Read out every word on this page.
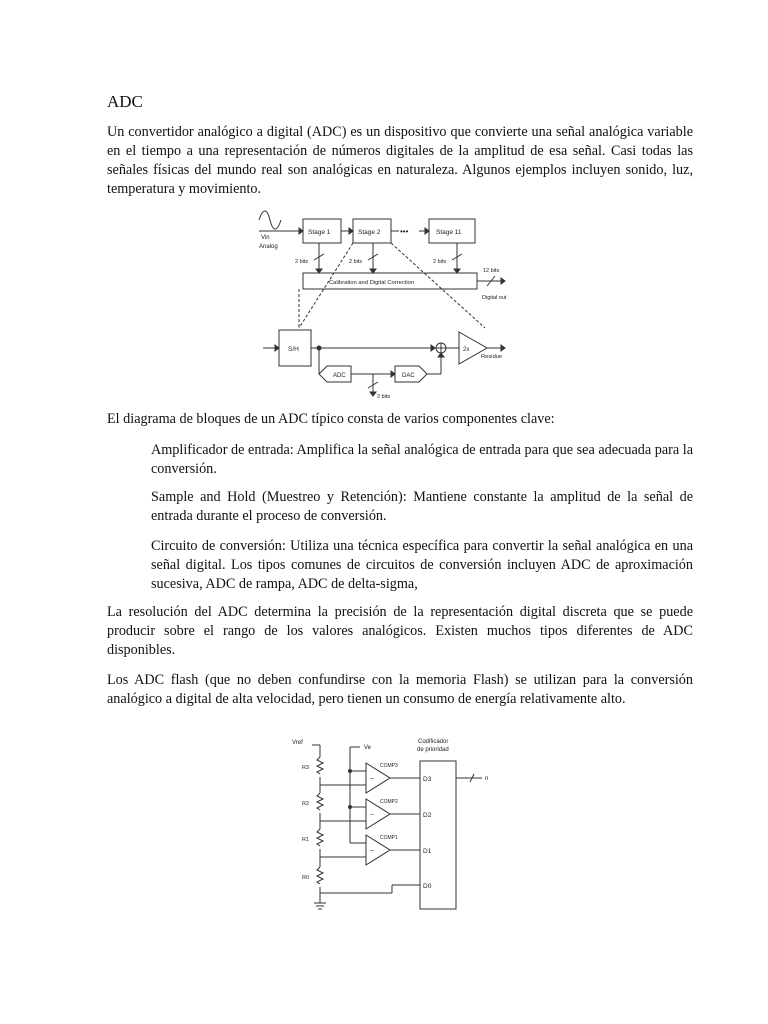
ADC

Un convertidor analógico a digital (ADC) es un dispositivo que convierte una señal analógica variable en el tiempo a una representación de números digitales de la amplitud de esa señal. Casi todas las señales físicas del mundo real son analógicas en naturaleza. Algunos ejemplos incluyen sonido, luz, temperatura y movimiento.

Vin
Analog
Stage 1	Stage 2 •••	Stage 11
2 bits	2 bits	2 bits
12 bits
Calibration and Digital Correction
Digital out
S/H
ADC	DAC
2x
Residue
2 bits

El diagrama de bloques de un ADC típico consta de varios componentes clave:

Amplificador de entrada: Amplifica la señal analógica de entrada para que sea adecuada para la conversión.

Sample and Hold (Muestreo y Retención): Mantiene constante la amplitud de la señal de entrada durante el proceso de conversión.

Circuito de conversión: Utiliza una técnica específica para convertir la señal analógica en una señal digital. Los tipos comunes de circuitos de conversión incluyen ADC de aproximación sucesiva, ADC de rampa, ADC de delta-sigma,

La resolución del ADC determina la precisión de la representación digital discreta que se puede producir sobre el rango de los valores analógicos. Existen muchos tipos diferentes de ADC disponibles.

Los ADC flash (que no deben confundirse con la memoria Flash) se utilizan para la conversión analógico a digital de alta velocidad, pero tienen un consumo de energía relativamente alto.

−
−
−
Vref
Ve
Codificador
de prioridad
R3
R2
R1
R0
COMP3
COMP2
COMP1
D3
D2
D1
D0
n
